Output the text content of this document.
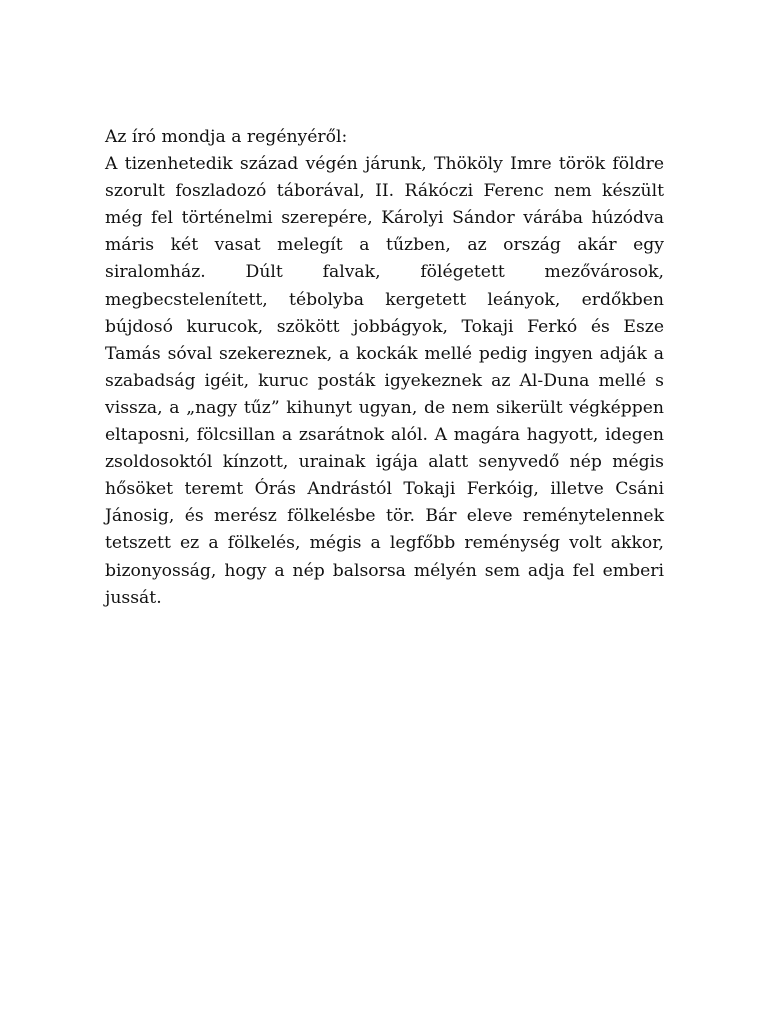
Az író mondja a regényéről:

A tizenhetedik század végén járunk, Thököly Imre török földre szorult foszladozó táborával, II. Rákóczi Ferenc nem készült még fel történelmi szerepére, Károlyi Sándor várába húzódva máris két vasat melegít a tűzben, az ország akár egy siralomház. Dúlt falvak, fölégetett mezővárosok, megbecstelenített, tébolyba kergetett leányok, erdőkben bújdosó kurucok, szökött jobbágyok, Tokaji Ferkó és Esze Tamás sóval szekereznek, a kockák mellé pedig ingyen adják a szabadság igéit, kuruc posták igyekeznek az Al-Duna mellé s vissza, a „nagy tűz” kihunyt ugyan, de nem sikerült végképpen eltaposni, fölcsillan a zsarátnok alól. A magára hagyott, idegen zsoldosoktól kínzott, urainak igája alatt senyvedő nép mégis hősöket teremt Órás Andrástól Tokaji Ferkóig, illetve Csáni Jánosig, és merész fölkelésbe tör. Bár eleve reménytelennek tetszett ez a fölkelés, mégis a legfőbb reménység volt akkor, bizonyosság, hogy a nép balsorsa mélyén sem adja fel emberi jussát.
